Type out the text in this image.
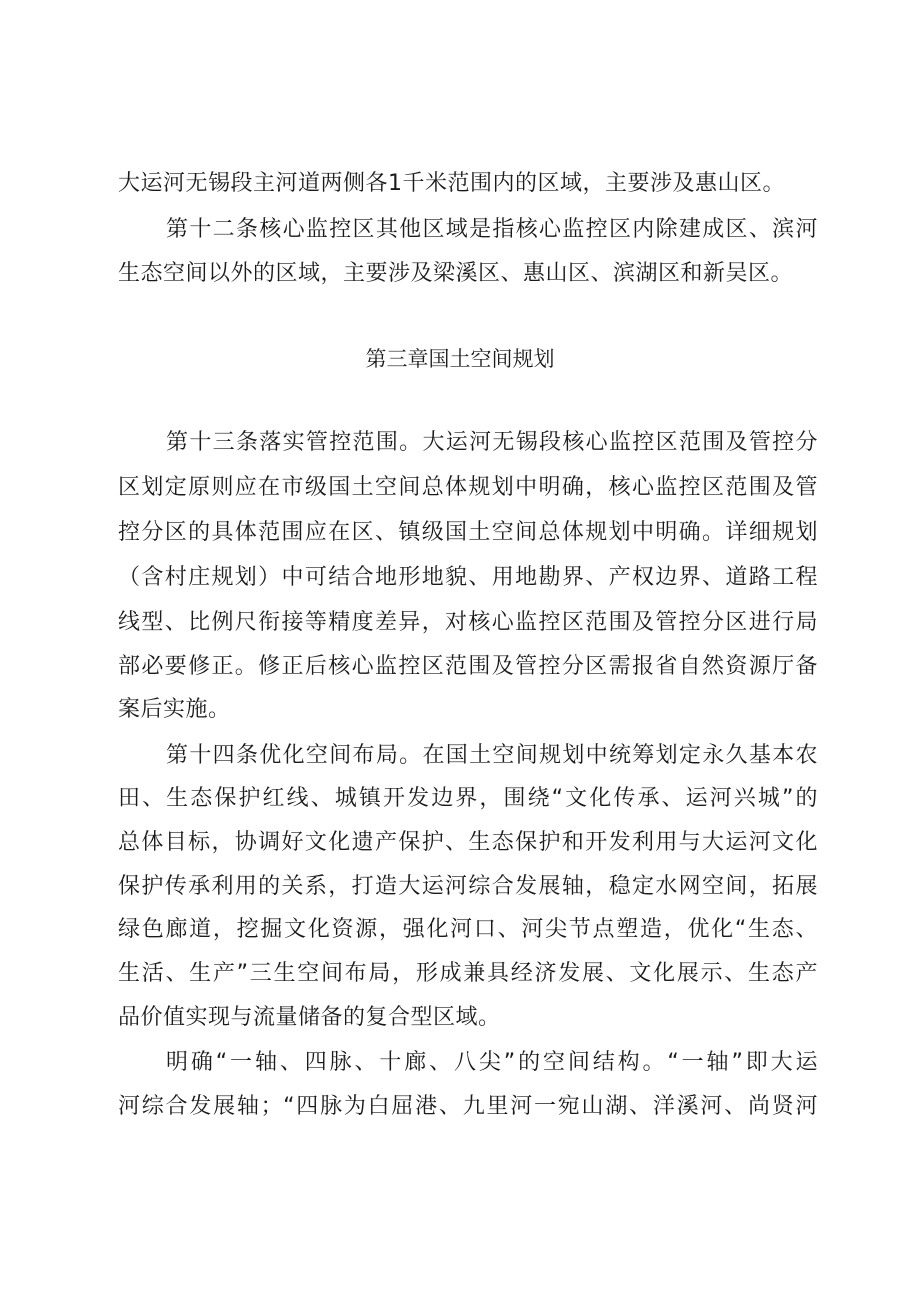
大运河无锡段主河道两侧各1千米范围内的区域，主要涉及惠山区。
第十二条核心监控区其他区域是指核心监控区内除建成区、滨河
生态空间以外的区域，主要涉及梁溪区、惠山区、滨湖区和新吴区。
第三章国土空间规划
第十三条落实管控范围。大运河无锡段核心监控区范围及管控分
区划定原则应在市级国土空间总体规划中明确，核心监控区范围及管
控分区的具体范围应在区、镇级国土空间总体规划中明确。详细规划
（含村庄规划）中可结合地形地貌、用地勘界、产权边界、道路工程
线型、比例尺衔接等精度差异，对核心监控区范围及管控分区进行局
部必要修正。修正后核心监控区范围及管控分区需报省自然资源厅备
案后实施。
第十四条优化空间布局。在国土空间规划中统筹划定永久基本农
田、生态保护红线、城镇开发边界，围绕“文化传承、运河兴城”的
总体目标，协调好文化遗产保护、生态保护和开发利用与大运河文化
保护传承利用的关系，打造大运河综合发展轴，稳定水网空间，拓展
绿色廊道，挖掘文化资源，强化河口、河尖节点塑造，优化“生态、
生活、生产”三生空间布局，形成兼具经济发展、文化展示、生态产
品价值实现与流量储备的复合型区域。
明确“一轴、四脉、十廊、八尖”的空间结构。“一轴”即大运
河综合发展轴；“四脉为白屈港、九里河一宛山湖、洋溪河、尚贤河
